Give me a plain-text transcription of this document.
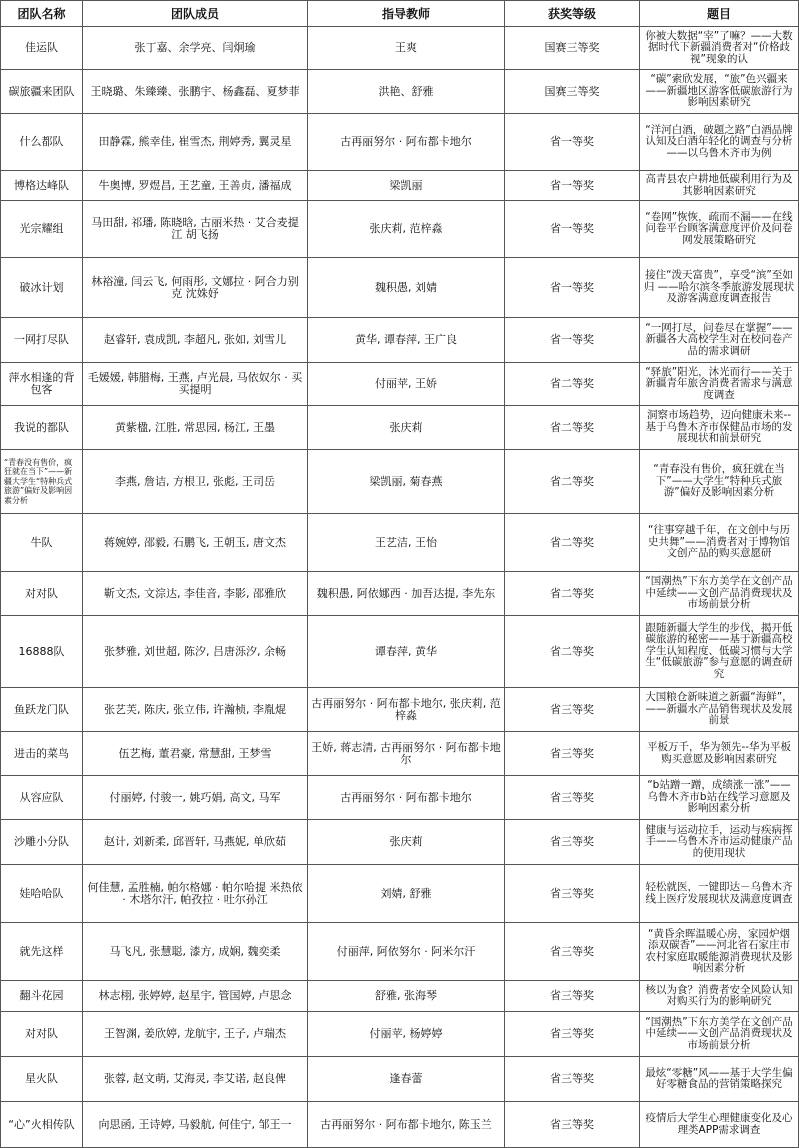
团队名称	团队成员	指导教师	获奖等级	题目
佳运队	张丁嘉、余学亮、闫炯瑜	王爽	国赛三等奖	你被大数据“宰”了嘛？——大数据时代下新疆消费者对“价格歧视”现象的认
碳旅疆来团队	王晓璐、朱臻臻、张鹏宇、杨鑫磊、夏梦菲	洪艳、舒雅	国赛三等奖	“碳”索欣发展，“旅”色兴疆来——新疆地区游客低碳旅游行为影响因素研究
什么都队	田静霖, 熊幸佳, 崔雪杰, 荆婷秀, 翼灵星	古再丽努尔 · 阿布都卡地尔	省一等奖	“洋河白酒，破题之路”白酒品牌认知及白酒年轻化的调查与分析——以乌鲁木齐市为例
博格达峰队	牛奥博, 罗煜昌, 王艺童, 王善贞, 潘福成	梁凯丽	省一等奖	高青县农户耕地低碳利用行为及其影响因素研究
光宗耀组	马田甜, 祁璠, 陈晓晗, 古丽米热 · 艾合麦提江 胡飞扬	张庆莉, 范梓淼	省一等奖	“卷网”恢恢，疏而不漏——在线问卷平台顾客满意度评价及问卷网发展策略研究
破冰计划	林裕潼, 闫云飞, 何雨彤, 文娜拉 · 阿合力别克 沈姝妤	魏积愚, 刘婧	省一等奖	接住“泼天富贵”，享受“滨”至如归 ——哈尔滨冬季旅游发展现状及游客满意度调查报告
一网打尽队	赵睿轩, 袁成凯, 李超凡, 张如, 刘雪儿	黄华, 谭春萍, 王广良	省一等奖	“一网打尽，问卷尽在掌握”——新疆各大高校学生对在校问卷产品的需求调研
萍水相逢的背包客	毛媛媛, 韩腊梅, 王燕, 卢光晨, 马依奴尔 · 买买提明	付丽苹, 王娇	省二等奖	“驿旅”阳光，沐光而行——关于新疆青年旅舍消费者需求与满意度调查
我说的都队	黄紫楹, 江胜, 常思园, 杨江, 王墨	张庆莉	省二等奖	洞察市场趋势，迈向健康未来--基于乌鲁木齐市保健品市场的发展现状和前景研究
“青春没有售价，疯狂就在当下”——新疆大学生“特种兵式旅游”偏好及影响因素分析	李燕, 詹诘, 方根卫, 张彪, 王司岳	梁凯丽, 菊春燕	省二等奖	“青春没有售价，疯狂就在当下”——大学生“特种兵式旅游”偏好及影响因素分析
牛队	蒋婉婷, 邵毅, 石鹏飞, 王朝玉, 唐文杰	王艺洁, 王怡	省二等奖	“往事穿越千年，在文创中与历史共舞”——消费者对于博物馆文创产品的购买意愿研
对对队	靳文杰, 文淙达, 李佳音, 李影, 邵雅欣	魏积愚, 阿依娜西 · 加吾达提, 李先东	省二等奖	“国潮热”下东方美学在文创产品中延续——文创产品消费现状及市场前景分析
16888队	张梦雅, 刘世超, 陈汐, 吕唐泺汐, 余畅	谭春萍, 黄华	省二等奖	跟随新疆大学生的步伐，揭开低碳旅游的秘密——基于新疆高校学生认知程度、低碳习惯与大学生“低碳旅游”参与意愿的调查研究
鱼跃龙门队	张艺芙, 陈庆, 张立伟, 许瀚桢, 李胤焜	古再丽努尔 · 阿布都卡地尔, 张庆莉, 范梓淼	省三等奖	大国粮仓新味道之新疆“海鲜”，——新疆水产品销售现状及发展前景
进击的菜鸟	伍艺梅, 董君豪, 常慧甜, 王梦雪	王娇, 蒋志清, 古再丽努尔 · 阿布都卡地尔	省三等奖	平板万千，华为领先--华为平板购买意愿及影响因素研究
从容应队	付丽婷, 付骏一, 姚巧娟, 高文, 马军	古再丽努尔 · 阿布都卡地尔	省三等奖	“b站蹭一蹭，成绩涨一涨”——乌鲁木齐市b站在线学习意愿及影响因素分析
沙雕小分队	赵计, 刘新柔, 邱晋轩, 马燕妮, 单欣茹	张庆莉	省三等奖	健康与运动拉手，运动与疾病挥手——乌鲁木齐市运动健康产品的使用现状
娃哈哈队	何佳慧, 孟胜楠, 帕尔格娜 · 帕尔哈提 米热依 · 木塔尔汗, 帕孜拉 · 吐尔孙江	刘婧, 舒雅	省三等奖	轻松就医，一键即达－乌鲁木齐线上医疗发展现状及满意度调查
就先这样	马飞凡, 张慧聪, 漆方, 成娴, 魏奕柔	付丽萍, 阿依努尔 · 阿米尔汗	省三等奖	“黄昏余晖温暖心房，家园炉烟添双碳香”——河北省石家庄市农村家庭取暖能源消费现状及影响因素分析
翻斗花园	林志栩, 张婷婷, 赵星宇, 管国婷, 卢思念	舒雅, 张海琴	省三等奖	核以为食？消费者安全风险认知对购买行为的影响研究
对对队	王智渊, 姜欣婷, 龙航宇, 王子, 卢瑞杰	付丽苹, 杨婷婷	省三等奖	“国潮热”下东方美学在文创产品中延续——文创产品消费现状及市场前景分析
星火队	张蓉, 赵文萌, 艾海灵, 李艾诺, 赵良俾	逢春蕾	省三等奖	最炫“零糖”风——基于大学生偏好零糖食品的营销策略探究
“心”火相传队	向思函, 王诗婷, 马毅航, 何佳宁, 邹王一	古再丽努尔 · 阿布都卡地尔, 陈玉兰	省三等奖	疫情后大学生心理健康变化及心理类APP需求调查
